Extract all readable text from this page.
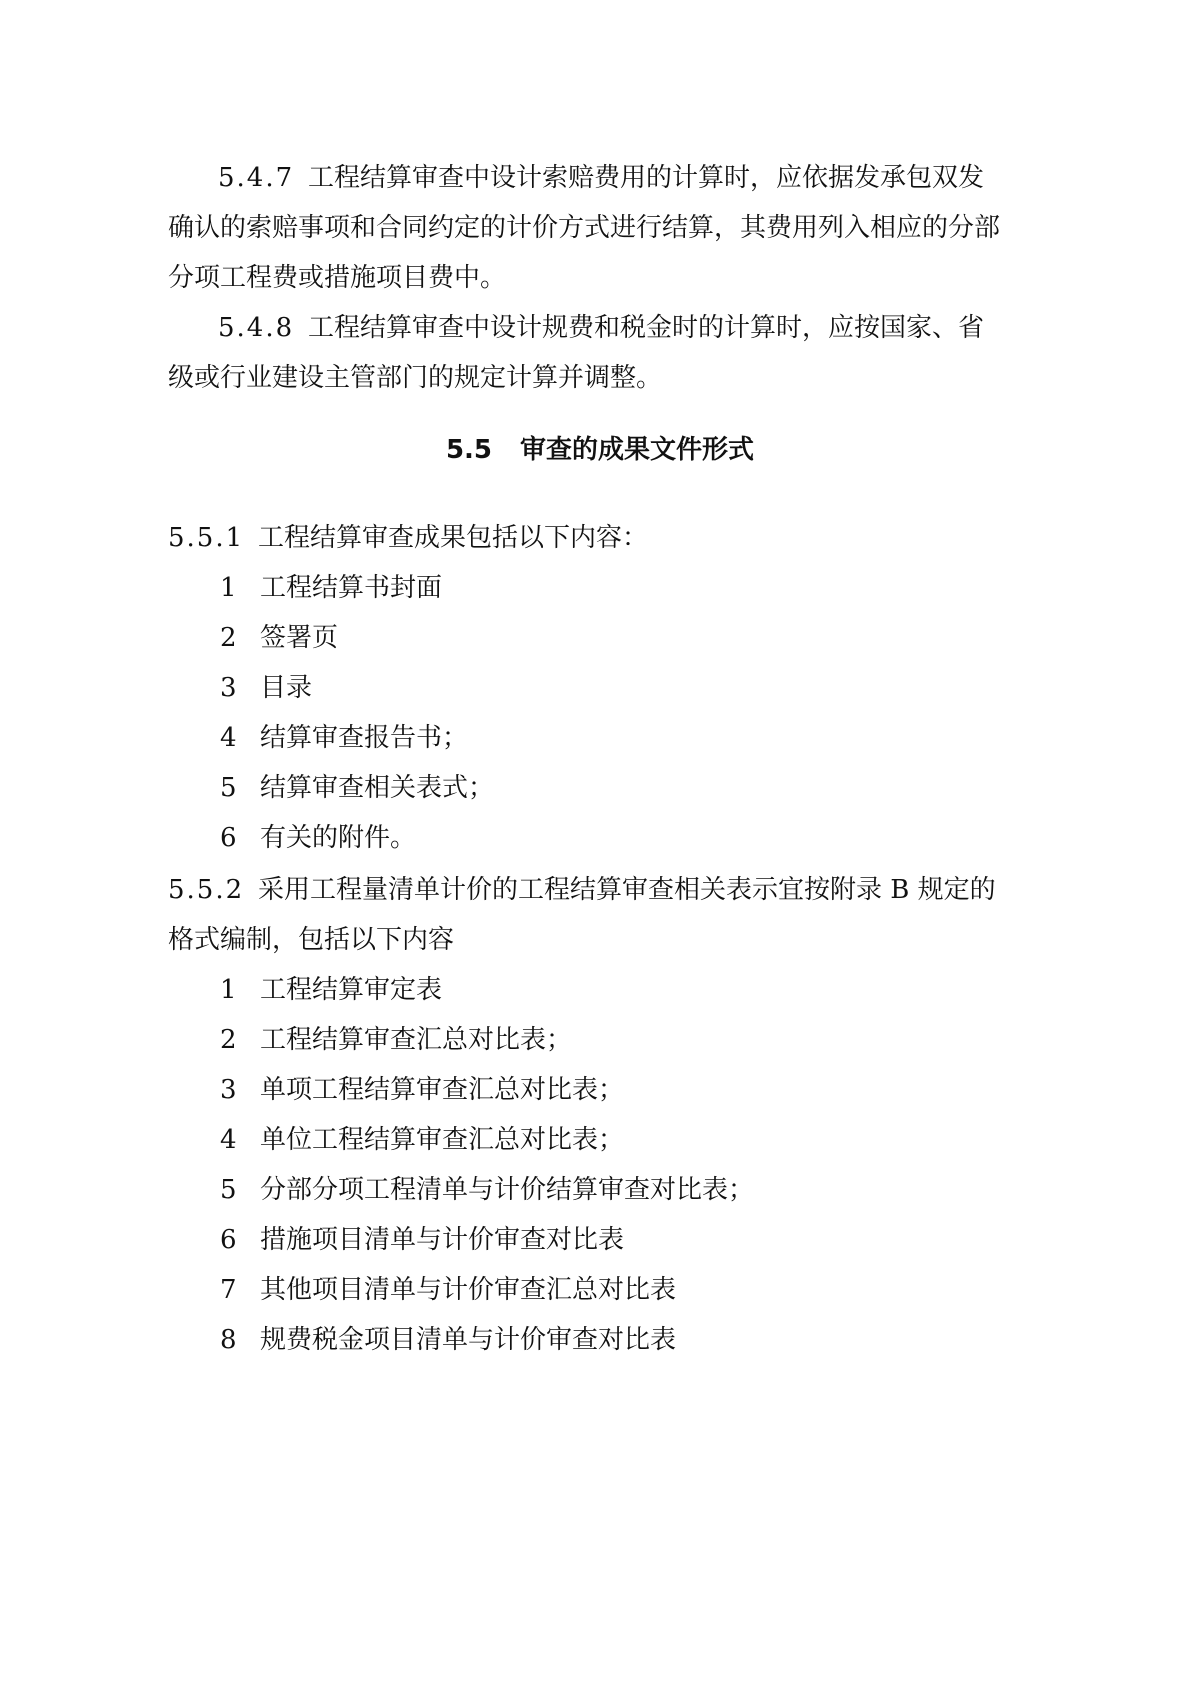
5.4.7 工程结算审查中设计索赔费用的计算时，应依据发承包双发
确认的索赔事项和合同约定的计价方式进行结算，其费用列入相应的分部
分项工程费或措施项目费中。
5.4.8 工程结算审查中设计规费和税金时的计算时，应按国家、省
级或行业建设主管部门的规定计算并调整。
5.5 审查的成果文件形式
5.5.1 工程结算审查成果包括以下内容：
1 工程结算书封面
2 签署页
3 目录
4 结算审查报告书；
5 结算审查相关表式；
6 有关的附件。
5.5.2 采用工程量清单计价的工程结算审查相关表示宜按附录 B 规定的
格式编制，包括以下内容
1 工程结算审定表
2 工程结算审查汇总对比表；
3 单项工程结算审查汇总对比表；
4 单位工程结算审查汇总对比表；
5 分部分项工程清单与计价结算审查对比表；
6 措施项目清单与计价审查对比表
7 其他项目清单与计价审查汇总对比表
8 规费税金项目清单与计价审查对比表
